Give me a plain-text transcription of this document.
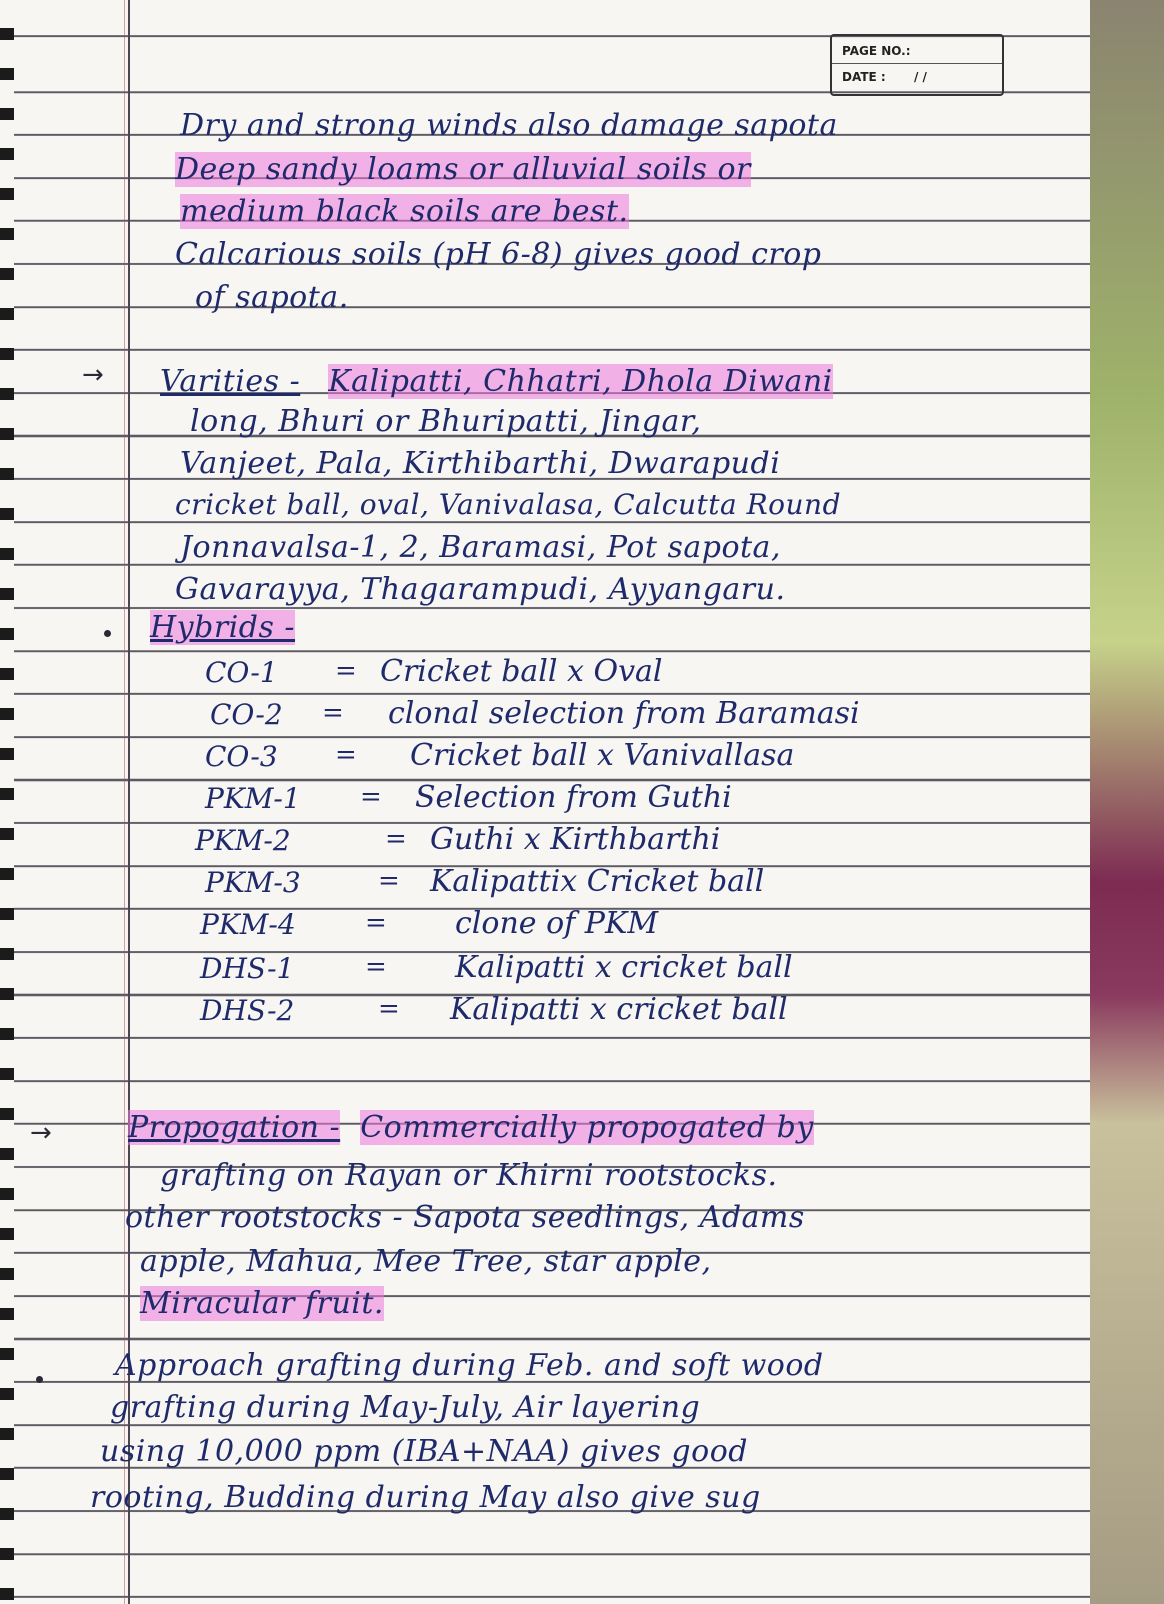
PAGE NO.:
DATE : / /
Dry and strong winds also damage sapota
Deep sandy loams or alluvial soils or
medium black soils are best.
Calcarious soils (pH 6-8) gives good crop
of sapota.
→ Varities - Kalipatti, Chhatri, Dhola Diwani
long, Bhuri or Bhuripatti, Jingar,
Vanjeet, Pala, Kirthibarthi, Dwarapudi
cricket ball, oval, Vanivalasa, Calcutta Round
Jonnavalsa-1, 2, Baramasi, Pot sapota,
Gavarayya, Thagarampudi, Ayyangaru.
Hybrids -
CO-1 = Cricket ball x Oval
CO-2 = clonal selection from Baramasi
CO-3 = Cricket ball x Vanivallasa
PKM-1 = Selection from Guthi
PKM-2	= Guthi x Kirthbarthi
PKM-3	= Kalipattix Cricket ball
PKM-4	= clone of PKM
DHS-1	= Kalipatti x cricket ball
DHS-2	= Kalipatti x cricket ball
→	Propogation - Commercially propogated by
grafting on Rayan or Khirni rootstocks.
other rootstocks - Sapota seedlings, Adams
apple, Mahua, Mee Tree, star apple,
Miracular fruit.
Approach grafting during Feb. and soft wood
grafting during May-July, Air layering
using 10,000 ppm (IBA+NAA) gives good
rooting, Budding during May also give sug
